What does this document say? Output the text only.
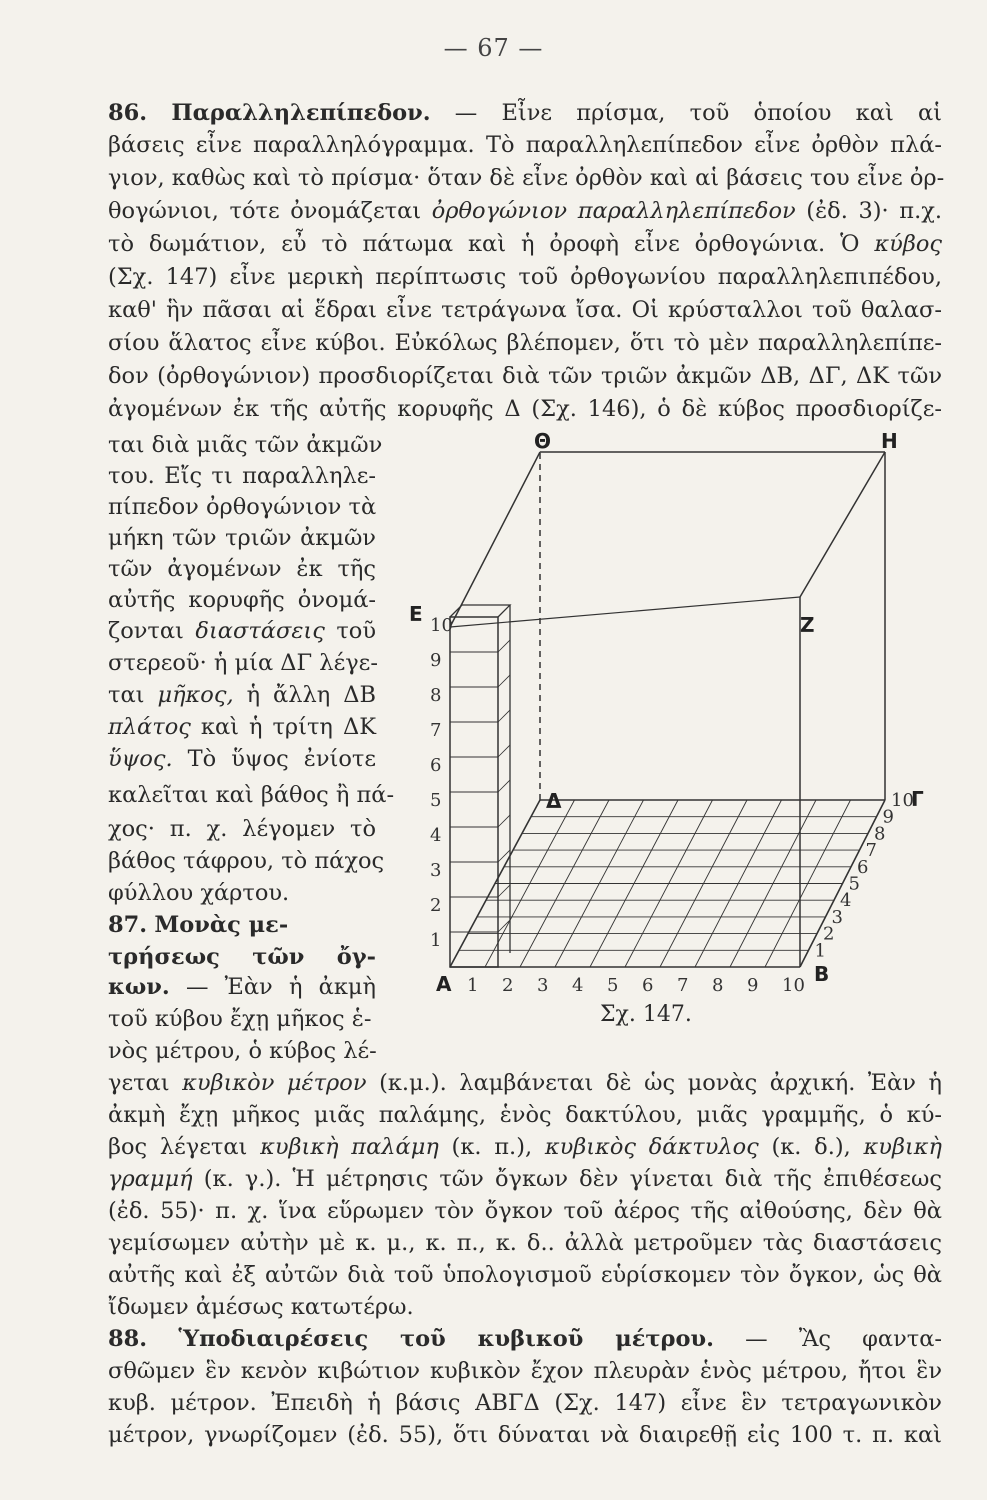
— 67 —
86. Παραλληλεπίπεδον. — Εἶνε πρίσμα, τοῦ ὁποίου καὶ αἱ
βάσεις εἶνε παραλληλόγραμμα. Τὸ παραλληλεπίπεδον εἶνε ὀρθὸν πλά-
γιον, καθὼς καὶ τὸ πρίσμα· ὅταν δὲ εἶνε ὀρθὸν καὶ αἱ βάσεις του εἶνε ὀρ-
θογώνιοι, τότε ὀνομάζεται ὀρθογώνιον παραλληλεπίπεδον (ἐδ. 3)· π.χ.
τὸ δωμάτιον, εὖ τὸ πάτωμα καὶ ἡ ὀροφὴ εἶνε ὀρθογώνια. Ὁ κύβος
(Σχ. 147) εἶνε μερικὴ περίπτωσις τοῦ ὀρθογωνίου παραλληλεπιπέδου,
καθ' ἣν πᾶσαι αἱ ἕδραι εἶνε τετράγωνα ἴσα. Οἱ κρύσταλλοι τοῦ θαλασ-
σίου ἅλατος εἶνε κύβοι. Εὐκόλως βλέπομεν, ὅτι τὸ μὲν παραλληλεπίπε-
δον (ὀρθογώνιον) προσδιορίζεται διὰ τῶν τριῶν ἀκμῶν ΔΒ, ΔΓ, ΔΚ τῶν
ἀγομένων ἐκ τῆς αὐτῆς κορυφῆς Δ (Σχ. 146), ὁ δὲ κύβος προσδιορίζε-
ται διὰ μιᾶς τῶν ἀκμῶν
του. Εἴς τι παραλληλε-
πίπεδον ὀρθογώνιον τὰ
μήκη τῶν τριῶν ἀκμῶν
τῶν ἀγομένων ἐκ τῆς
αὐτῆς κορυφῆς ὀνομά-
ζονται διαστάσεις τοῦ
στερεοῦ· ἡ μία ΔΓ λέγε-
ται μῆκος, ἡ ἄλλη ΔΒ
πλάτος καὶ ἡ τρίτη ΔΚ
ὕψος. Τὸ ὕψος ἐνίοτε
καλεῖται καὶ βάθος ἢ πά-
χος· π. χ. λέγομεν τὸ
βάθος τάφρου, τὸ πάχος
φύλλου χάρτου.
87. Μονὰς με-
τρήσεως τῶν ὄγ-
κων. — Ἐὰν ἡ ἀκμὴ
τοῦ κύβου ἔχῃ μῆκος ἑ-
νὸς μέτρου, ὁ κύβος λέ-
γεται κυβικὸν μέτρον (κ.μ.). λαμβάνεται δὲ ὡς μονὰς ἀρχική. Ἐὰν ἡ
ἀκμὴ ἔχῃ μῆκος μιᾶς παλάμης, ἑνὸς δακτύλου, μιᾶς γραμμῆς, ὁ κύ-
βος λέγεται κυβικὴ παλάμη (κ. π.), κυβικὸς δάκτυλος (κ. δ.), κυβικὴ
γραμμή (κ. γ.). Ἡ μέτρησις τῶν ὄγκων δὲν γίνεται διὰ τῆς ἐπιθέσεως
(ἐδ. 55)· π. χ. ἵνα εὕρωμεν τὸν ὄγκον τοῦ ἀέρος τῆς αἰθούσης, δὲν θὰ
γεμίσωμεν αὐτὴν μὲ κ. μ., κ. π., κ. δ.. ἀλλὰ μετροῦμεν τὰς διαστάσεις
αὐτῆς καὶ ἐξ αὐτῶν διὰ τοῦ ὑπολογισμοῦ εὑρίσκομεν τὸν ὄγκον, ὡς θὰ
ἴδωμεν ἀμέσως κατωτέρω.
88. Ὑποδιαιρέσεις τοῦ κυβικοῦ μέτρου. — Ἂς φαντα-
σθῶμεν ἓν κενὸν κιβώτιον κυβικὸν ἔχον πλευρὰν ἑνὸς μέτρου, ἤτοι ἓν
κυβ. μέτρον. Ἐπειδὴ ἡ βάσις ΑΒΓΔ (Σχ. 147) εἶνε ἓν τετραγωνικὸν
μέτρον, γνωρίζομεν (ἐδ. 55), ὅτι δύναται νὰ διαιρεθῇ εἰς 100 τ. π. καὶ
1
1
1
2
2
2
3
3
3
4
4
4
5
5
5
6
6
6
7
7
7
8
8
8
9
9
9
10
10
10
Θ	Η
Ε	Ζ
Δ	Γ
Α	Β
Σχ. 147.
